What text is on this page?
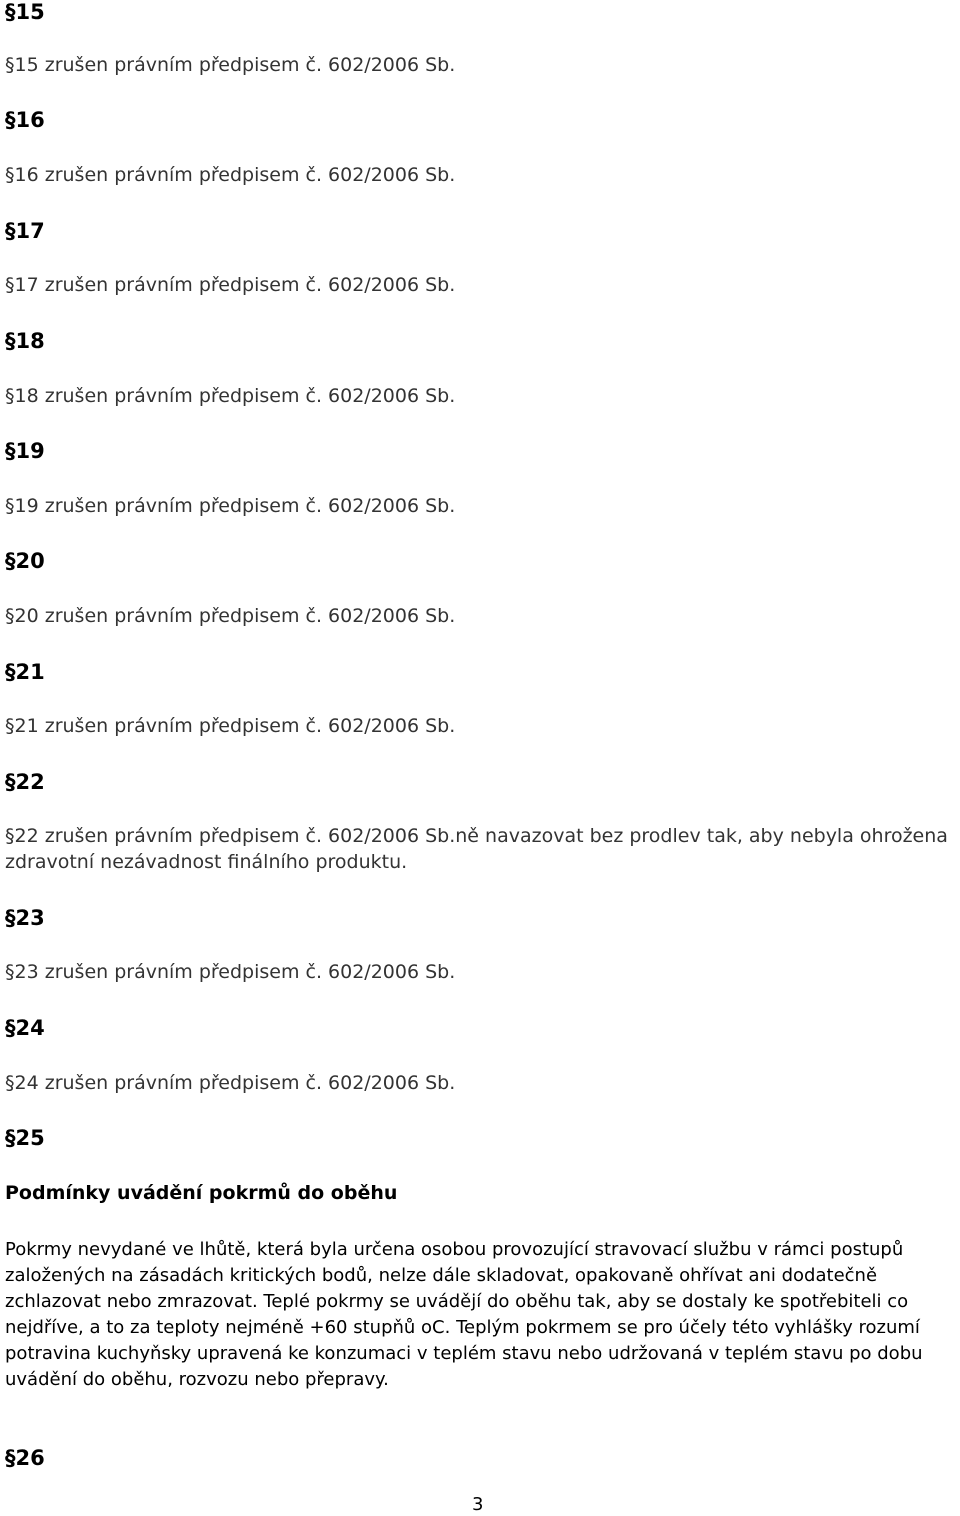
§15
§15 zrušen právním předpisem č. 602/2006 Sb.
§16
§16 zrušen právním předpisem č. 602/2006 Sb.
§17
§17 zrušen právním předpisem č. 602/2006 Sb.
§18
§18 zrušen právním předpisem č. 602/2006 Sb.
§19
§19 zrušen právním předpisem č. 602/2006 Sb.
§20
§20 zrušen právním předpisem č. 602/2006 Sb.
§21
§21 zrušen právním předpisem č. 602/2006 Sb.
§22
§22 zrušen právním předpisem č. 602/2006 Sb.ně navazovat bez prodlev tak, aby nebyla ohrožena zdravotní nezávadnost finálního produktu.
§23
§23 zrušen právním předpisem č. 602/2006 Sb.
§24
§24 zrušen právním předpisem č. 602/2006 Sb.
§25
Podmínky uvádění pokrmů do oběhu
Pokrmy nevydané ve lhůtě, která byla určena osobou provozující stravovací službu v rámci postupů založených na zásadách kritických bodů, nelze dále skladovat, opakovaně ohřívat ani dodatečně zchlazovat nebo zmrazovat. Teplé pokrmy se uvádějí do oběhu tak, aby se dostaly ke spotřebiteli co nejdříve, a to za teploty nejméně +60 stupňů oC. Teplým pokrmem se pro účely této vyhlášky rozumí potravina kuchyňsky upravená ke konzumaci v teplém stavu nebo udržovaná v teplém stavu po dobu uvádění do oběhu, rozvozu nebo přepravy.
§26
3
